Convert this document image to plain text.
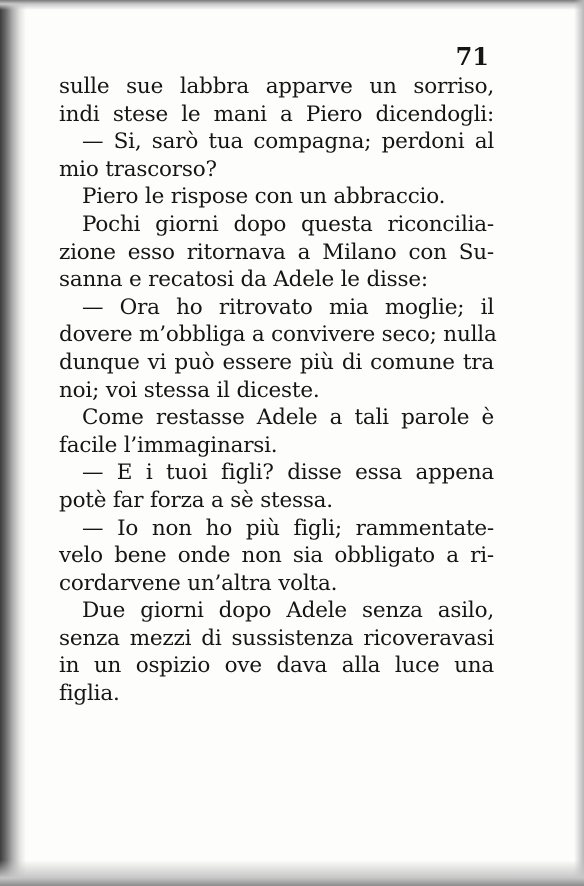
71
sulle sue labbra apparve un sorriso,
indi stese le mani a Piero dicendogli:
— Si, sarò tua compagna; perdoni al
mio trascorso?
Piero le rispose con un abbraccio.
Pochi giorni dopo questa riconcilia-
zione esso ritornava a Milano con Su-
sanna e recatosi da Adele le disse:
— Ora ho ritrovato mia moglie; il
dovere m’obbliga a convivere seco; nulla
dunque vi può essere più di comune tra
noi; voi stessa il diceste.
Come restasse Adele a tali parole è
facile l’immaginarsi.
— E i tuoi figli? disse essa appena
potè far forza a sè stessa.
— Io non ho più figli; rammentate-
velo bene onde non sia obbligato a ri-
cordarvene un’altra volta.
Due giorni dopo Adele senza asilo,
senza mezzi di sussistenza ricoveravasi
in un ospizio ove dava alla luce una
figlia.
